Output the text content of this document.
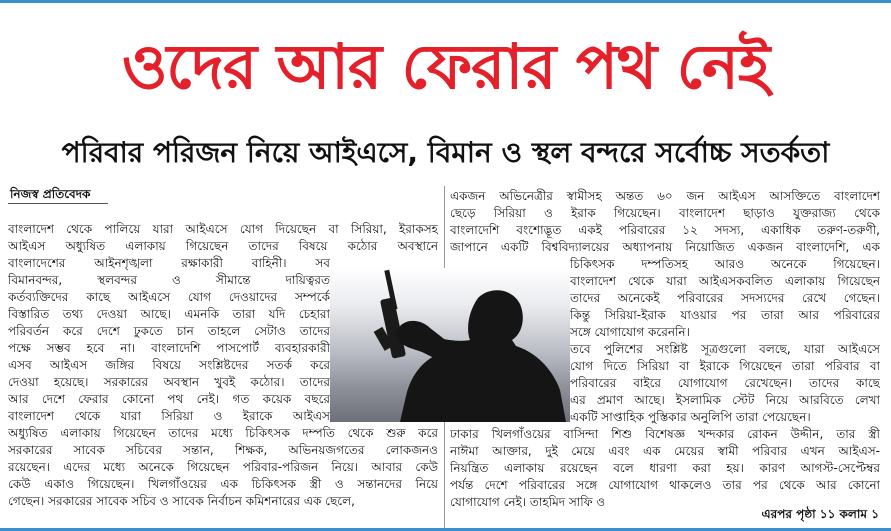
ওদের আর ফেরার পথ নেই
পরিবার পরিজন নিয়ে আইএসে, বিমান ও স্থল বন্দরে সর্বোচ্চ সতর্কতা
নিজস্ব প্রতিবেদক
বাংলাদেশ থেকে পালিয়ে যারা আইএসে যোগ দিয়েছেন বা সিরিয়া, ইরাকসহ
আইএস অধ্যুষিত এলাকায় গিয়েছেন তাদের বিষয়ে কঠোর অবস্থানে
বাংলাদেশের আইনশৃঙ্খলা রক্ষাকারী বাহিনী। সব
বিমানবন্দর, স্থলবন্দর ও সীমান্তে দায়িত্বরত
কর্তব্যক্তিদের কাছে আইএসে যোগ দেওয়াদের সম্পর্কে
বিস্তারিত তথ্য দেওয়া আছে। এমনকি তারা যদি চেহারা
পরিবর্তন করে দেশে ঢুকতে চান তাহলে সেটাও তাদের
পক্ষে সম্ভব হবে না। বাংলাদেশি পাসপোর্ট ব্যবহারকারী
এসব আইএস জঙ্গির বিষয়ে সংশ্লিষ্টদের সতর্ক করে
দেওয়া হয়েছে। সরকারের অবস্থান খুবই কঠোর। তাদের
আর দেশে ফেরার কোনো পথ নেই। গত কয়েক বছরে
বাংলাদেশ থেকে যারা সিরিয়া ও ইরাকে আইএস
অধ্যুষিত এলাকায় গিয়েছেন তাদের মধ্যে চিকিৎসক দম্পতি থেকে শুরু করে
সরকারের সাবেক সচিবের সন্তান, শিক্ষক, অভিনয়জগতের লোকজনও
রয়েছেন। এদের মধ্যে অনেকে গিয়েছেন পরিবার-পরিজন নিয়ে। আবার কেউ
কেউ একাও গিয়েছেন। খিলগাঁওয়ের এক চিকিৎসক স্ত্রী ও সন্তানদের নিয়ে
গেছেন। সরকারের সাবেক সচিব ও সাবেক নির্বাচন কমিশনারের এক ছেলে,
একজন অভিনেত্রীর স্বামীসহ অন্তত ৬০ জন আইএস আসক্তিতে বাংলাদেশ
ছেড়ে সিরিয়া ও ইরাক গিয়েছেন। বাংলাদেশ ছাড়াও যুক্তরাজ্য থেকে
বাংলাদেশি বংশোদ্ভূত একই পরিবারের ১২ সদস্য, একাধিক তরুণ-তরুণী,
জাপানে একটি বিশ্ববিদ্যালয়ের অধ্যাপনায় নিয়োজিত একজন বাংলাদেশি, এক
চিকিৎসক দম্পতিসহ আরও অনেকে গিয়েছেন।
বাংলাদেশ থেকে যারা আইএসকবলিত এলাকায় গিয়েছেন
তাদের অনেকেই পরিবারের সদস্যদের রেখে গেছেন।
কিন্তু সিরিয়া-ইরাক যাওয়ার পর তারা আর পরিবারের
সঙ্গে যোগাযোগ করেননি।
তবে পুলিশের সংশ্লিষ্ট সূত্রগুলো বলছে, যারা আইএসে
যোগ দিতে সিরিয়া বা ইরাকে গিয়েছেন তারা পরিবার বা
পরিবারের বাইরে যোগাযোগ রেখেছেন। তাদের কাছে
এর প্রমাণ আছে। ইসলামিক স্টেট নিয়ে আরবিতে লেখা
একটি সাপ্তাহিক পুস্তিকার অনুলিপি তারা পেয়েছেন।
ঢাকার খিলগাঁওয়ের বাসিন্দা শিশু বিশেষজ্ঞ খন্দকার রোকন উদ্দীন, তার স্ত্রী
নাঈমা আক্তার, দুই মেয়ে এবং এক মেয়ের স্বামী পরিবার এখন আইএস-
নিয়ন্ত্রিত এলাকায় রয়েছেন বলে ধারণা করা হয়। কারণ আগস্ট-সেপ্টেম্বর
পর্যন্ত দেশে পরিবারের সঙ্গে যোগাযোগ থাকলেও তার পর থেকে আর কোনো
যোগাযোগ নেই। তাহমিদ সাফি ও
এরপর পৃষ্ঠা ১১ কলাম ১
